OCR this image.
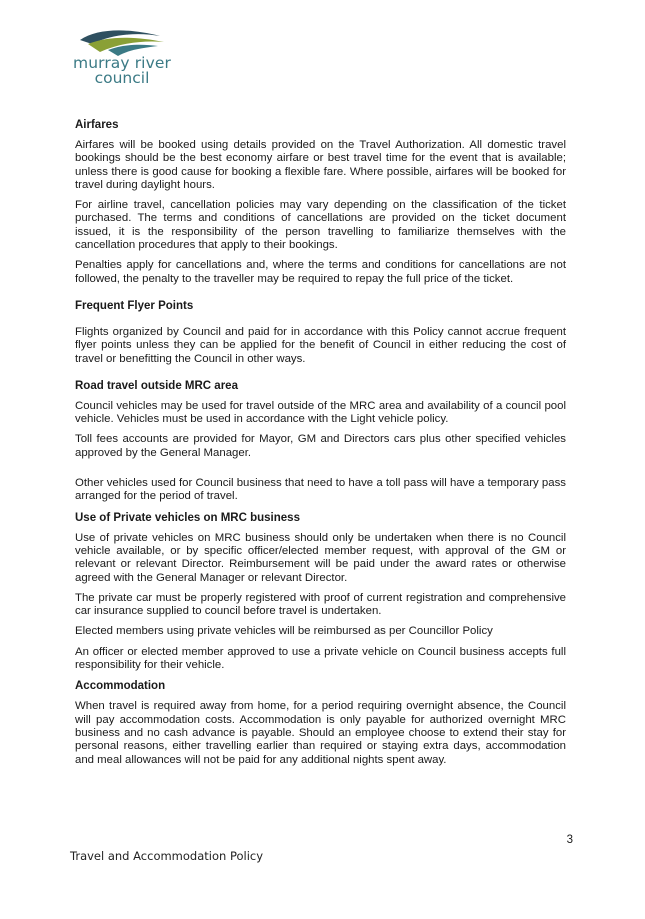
murray river
council
Airfares

Airfares will be booked using details provided on the Travel Authorization. All domestic travel bookings should be the best economy airfare or best travel time for the event that is available; unless there is good cause for booking a flexible fare. Where possible, airfares will be booked for travel during daylight hours.

For airline travel, cancellation policies may vary depending on the classification of the ticket purchased. The terms and conditions of cancellations are provided on the ticket document issued, it is the responsibility of the person travelling to familiarize themselves with the cancellation procedures that apply to their bookings.

Penalties apply for cancellations and, where the terms and conditions for cancellations are not followed, the penalty to the traveller may be required to repay the full price of the ticket.

Frequent Flyer Points

Flights organized by Council and paid for in accordance with this Policy cannot accrue frequent flyer points unless they can be applied for the benefit of Council in either reducing the cost of travel or benefitting the Council in other ways.

Road travel outside MRC area

Council vehicles may be used for travel outside of the MRC area and availability of a council pool vehicle. Vehicles must be used in accordance with the Light vehicle policy.

Toll fees accounts are provided for Mayor, GM and Directors cars plus other specified vehicles approved by the General Manager.

Other vehicles used for Council business that need to have a toll pass will have a temporary pass arranged for the period of travel.

Use of Private vehicles on MRC business

Use of private vehicles on MRC business should only be undertaken when there is no Council vehicle available, or by specific officer/elected member request, with approval of the GM or relevant or relevant Director. Reimbursement will be paid under the award rates or otherwise agreed with the General Manager or relevant Director.

The private car must be properly registered with proof of current registration and comprehensive car insurance supplied to council before travel is undertaken.

Elected members using private vehicles will be reimbursed as per Councillor Policy

An officer or elected member approved to use a private vehicle on Council business accepts full responsibility for their vehicle.

Accommodation

When travel is required away from home, for a period requiring overnight absence, the Council will pay accommodation costs. Accommodation is only payable for authorized overnight MRC business and no cash advance is payable. Should an employee choose to extend their stay for personal reasons, either travelling earlier than required or staying extra days, accommodation and meal allowances will not be paid for any additional nights spent away.

3
Travel and Accommodation Policy
